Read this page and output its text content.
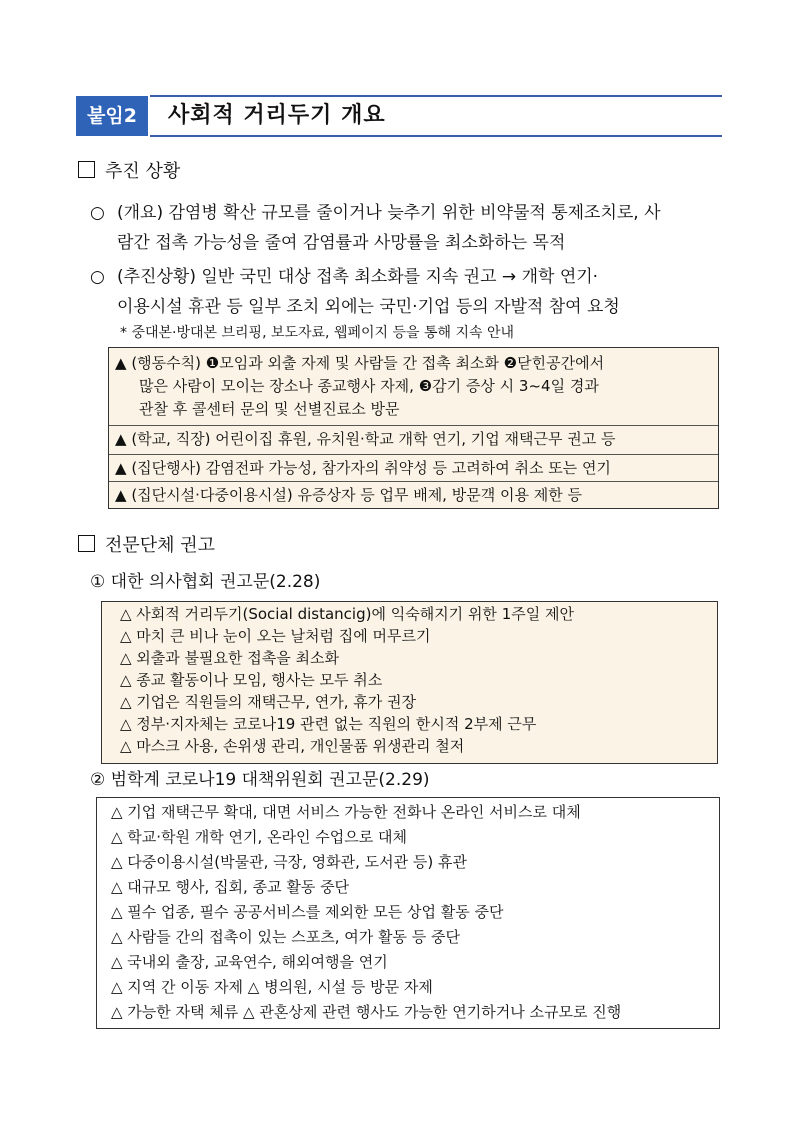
붙임2	사회적 거리두기 개요
추진 상황
○ (개요) 감염병 확산 규모를 줄이거나 늦추기 위한 비약물적 통제조치로, 사
람간 접촉 가능성을 줄여 감염률과 사망률을 최소화하는 목적
○ (추진상황) 일반 국민 대상 접촉 최소화를 지속 권고 → 개학 연기·
이용시설 휴관 등 일부 조치 외에는 국민·기업 등의 자발적 참여 요청
* 중대본·방대본 브리핑, 보도자료, 웹페이지 등을 통해 지속 안내
▲ (행동수칙) ❶모임과 외출 자제 및 사람들 간 접촉 최소화 ❷닫힌공간에서
많은 사람이 모이는 장소나 종교행사 자제, ❸감기 증상 시 3~4일 경과
관찰 후 콜센터 문의 및 선별진료소 방문
▲ (학교, 직장) 어린이집 휴원, 유치원·학교 개학 연기, 기업 재택근무 권고 등
▲ (집단행사) 감염전파 가능성, 참가자의 취약성 등 고려하여 취소 또는 연기
▲ (집단시설·다중이용시설) 유증상자 등 업무 배제, 방문객 이용 제한 등
전문단체 권고
① 대한 의사협회 권고문(2.28)
△ 사회적 거리두기(Social distancig)에 익숙해지기 위한 1주일 제안
△ 마치 큰 비나 눈이 오는 날처럼 집에 머무르기
△ 외출과 불필요한 접촉을 최소화
△ 종교 활동이나 모임, 행사는 모두 취소
△ 기업은 직원들의 재택근무, 연가, 휴가 권장
△ 정부·지자체는 코로나19 관련 없는 직원의 한시적 2부제 근무
△ 마스크 사용, 손위생 관리, 개인물품 위생관리 철저
② 범학계 코로나19 대책위원회 권고문(2.29)
△ 기업 재택근무 확대, 대면 서비스 가능한 전화나 온라인 서비스로 대체
△ 학교·학원 개학 연기, 온라인 수업으로 대체
△ 다중이용시설(박물관, 극장, 영화관, 도서관 등) 휴관
△ 대규모 행사, 집회, 종교 활동 중단
△ 필수 업종, 필수 공공서비스를 제외한 모든 상업 활동 중단
△ 사람들 간의 접촉이 있는 스포츠, 여가 활동 등 중단
△ 국내외 출장, 교육연수, 해외여행을 연기
△ 지역 간 이동 자제 △ 병의원, 시설 등 방문 자제
△ 가능한 자택 체류 △ 관혼상제 관련 행사도 가능한 연기하거나 소규모로 진행
